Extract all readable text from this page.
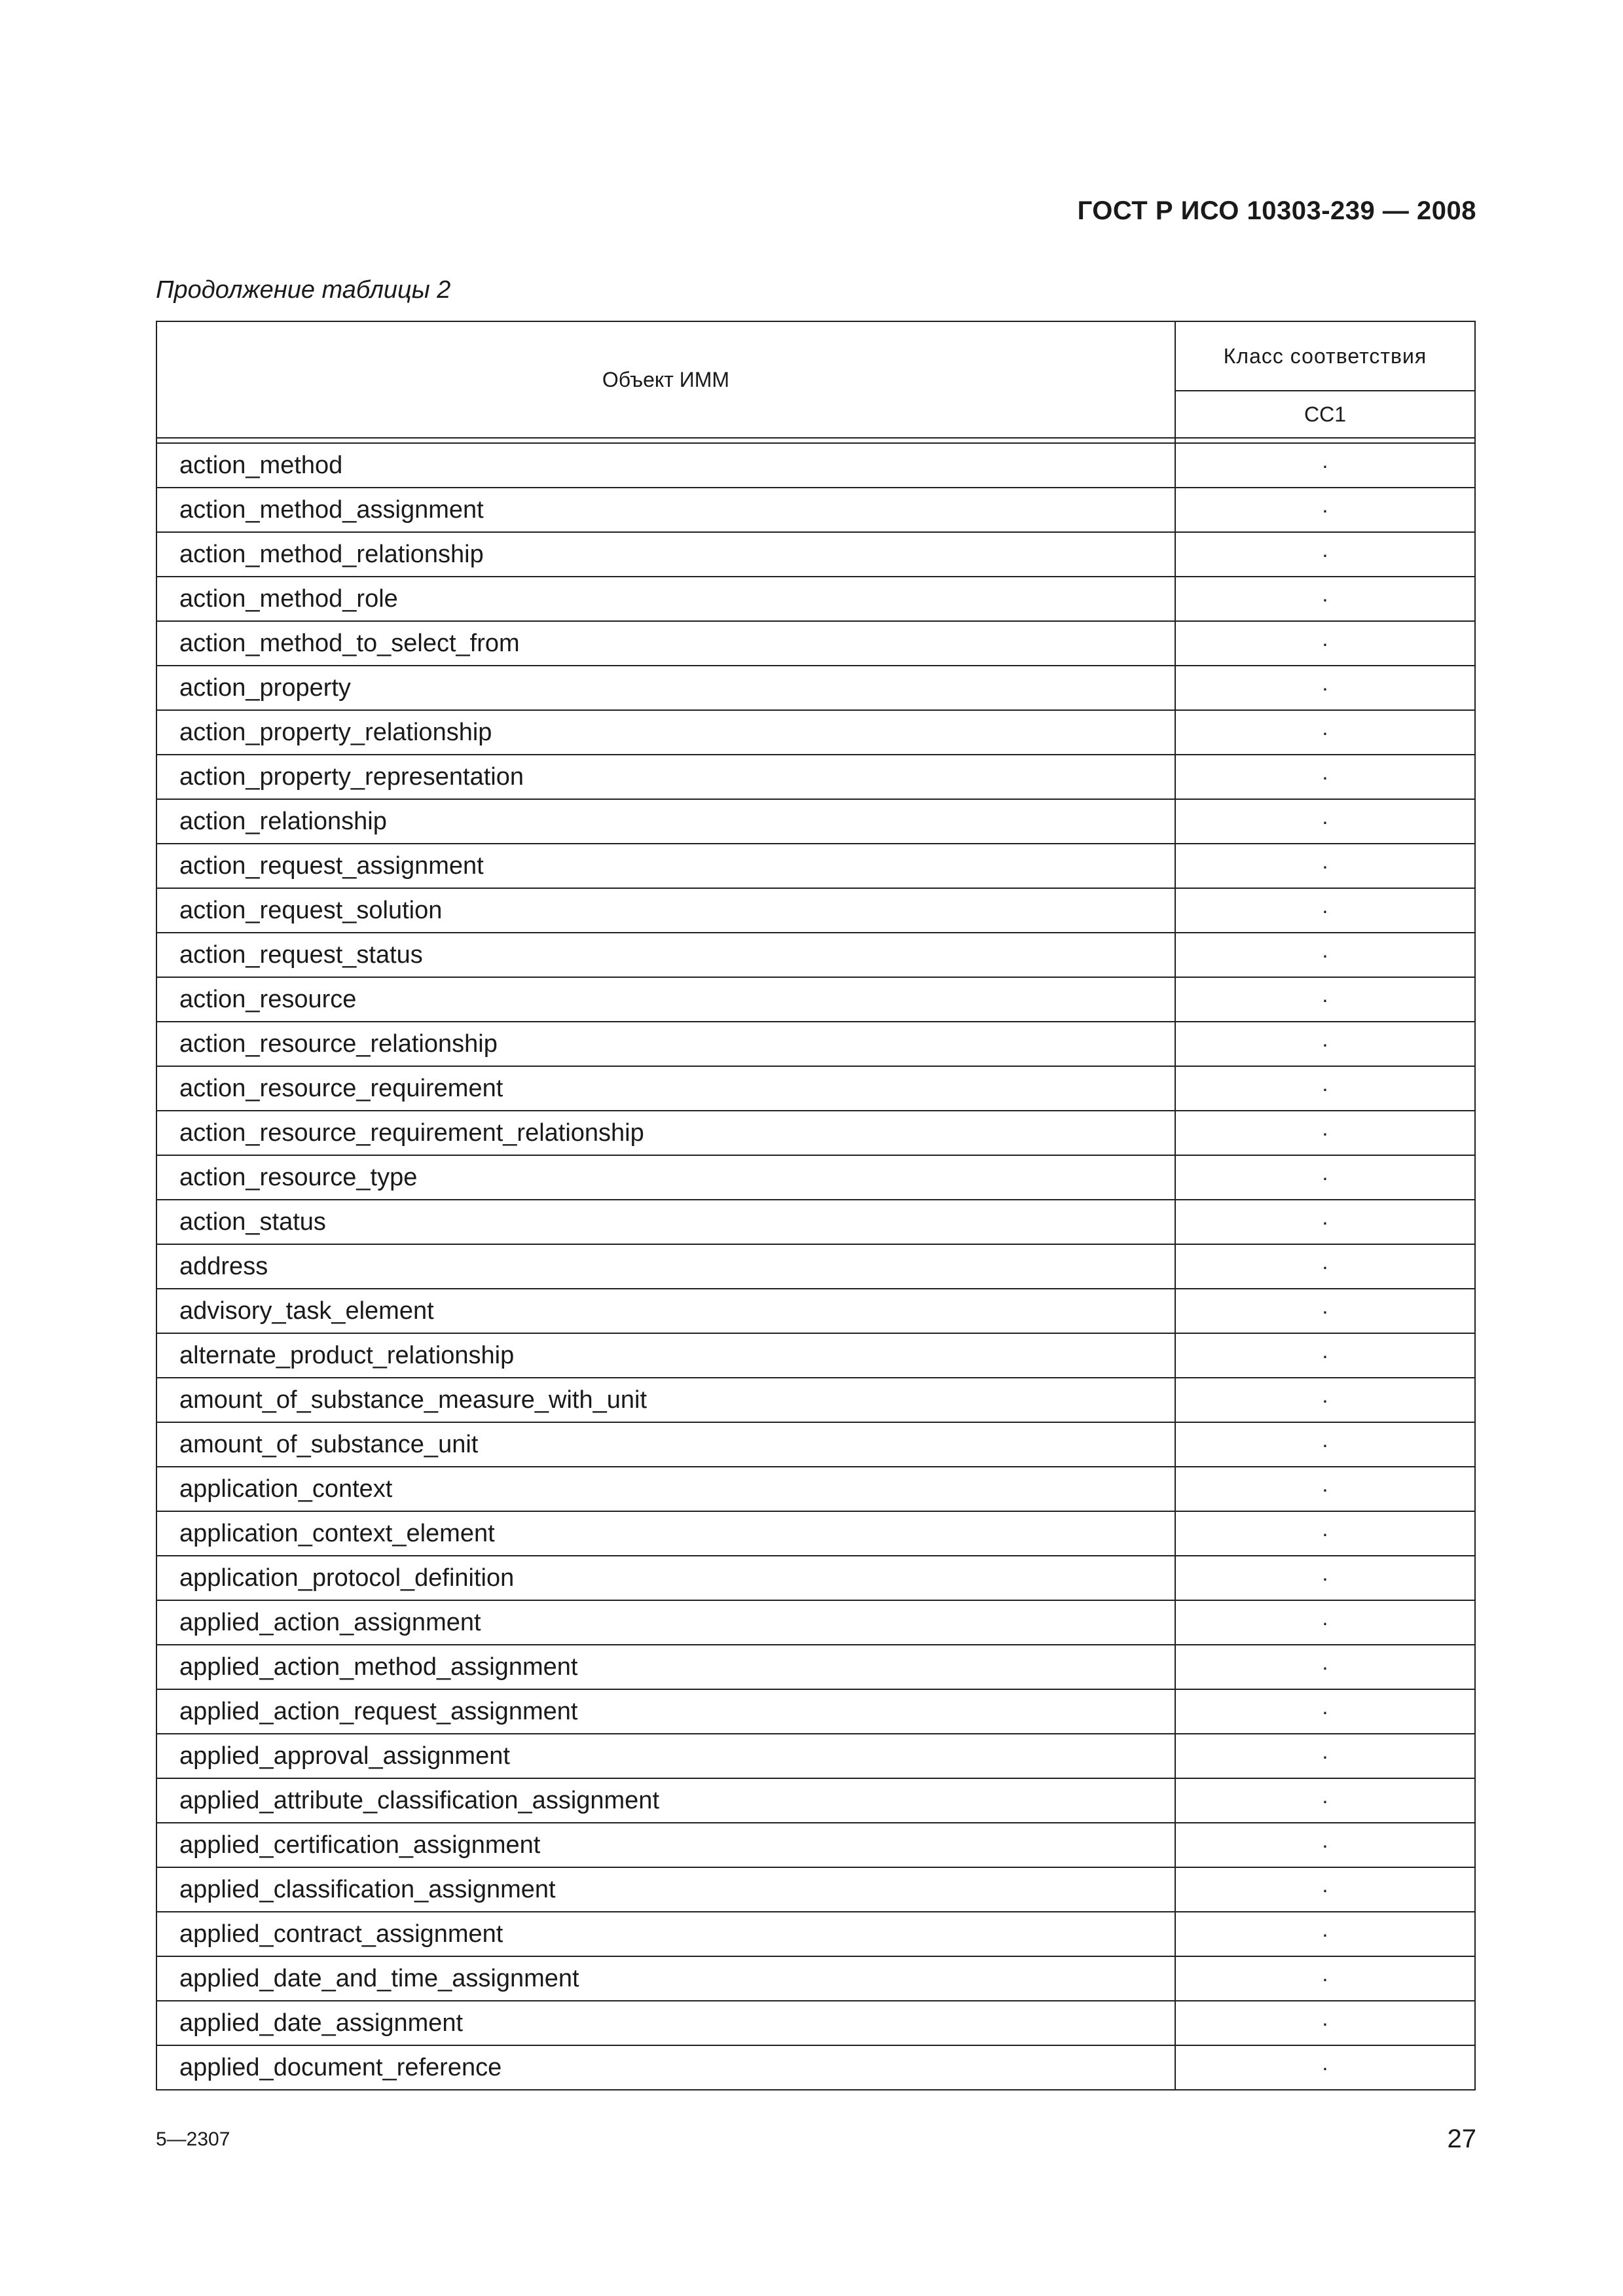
ГОСТ Р ИСО 10303-239 — 2008
Продолжение таблицы 2
Объект ИММ	Класс соответствия
	CC1

action_method	·
action_method_assignment	·
action_method_relationship	·
action_method_role	·
action_method_to_select_from	·
action_property	·
action_property_relationship	·
action_property_representation	·
action_relationship	·
action_request_assignment	·
action_request_solution	·
action_request_status	·
action_resource	·
action_resource_relationship	·
action_resource_requirement	·
action_resource_requirement_relationship	·
action_resource_type	·
action_status	·
address	·
advisory_task_element	·
alternate_product_relationship	·
amount_of_substance_measure_with_unit	·
amount_of_substance_unit	·
application_context	·
application_context_element	·
application_protocol_definition	·
applied_action_assignment	·
applied_action_method_assignment	·
applied_action_request_assignment	·
applied_approval_assignment	·
applied_attribute_classification_assignment	·
applied_certification_assignment	·
applied_classification_assignment	·
applied_contract_assignment	·
applied_date_and_time_assignment	·
applied_date_assignment	·
applied_document_reference	·
5—2307	27
